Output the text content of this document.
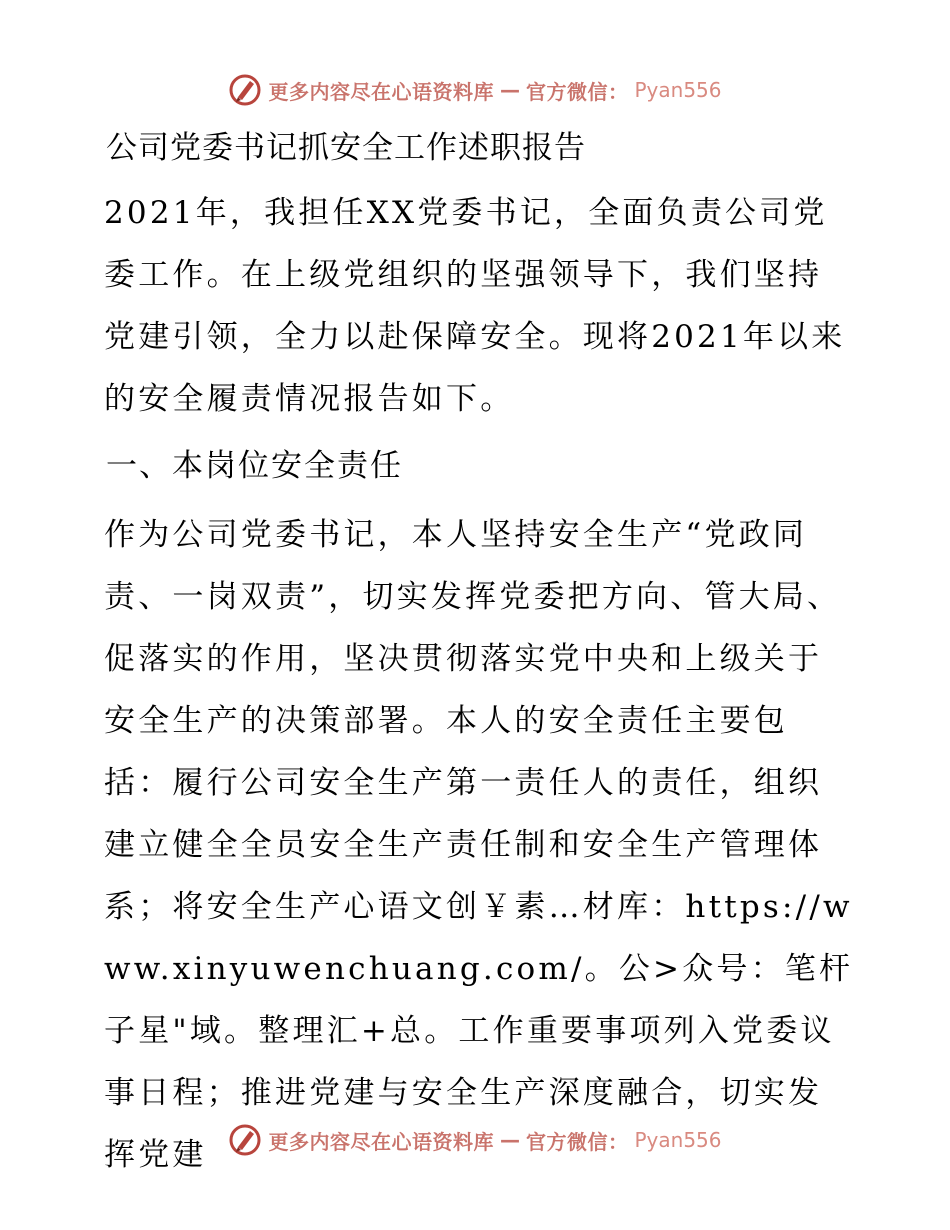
更多内容尽在心语资料库 — 官方微信： Pyan556
公司党委书记抓安全工作述职报告

2021年，我担任XX党委书记，全面负责公司党委工作。在上级党组织的坚强领导下，我们坚持党建引领，全力以赴保障安全。现将2021年以来的安全履责情况报告如下。

一、本岗位安全责任

作为公司党委书记，本人坚持安全生产“党政同责、一岗双责”，切实发挥党委把方向、管大局、促落实的作用，坚决贯彻落实党中央和上级关于安全生产的决策部署。本人的安全责任主要包括：履行公司安全生产第一责任人的责任，组织建立健全全员安全生产责任制和安全生产管理体系；将安全生产心语文创￥素…材库：https://www.xinyuwenchuang.com/。公>众号：笔杆子星"域。整理汇+总。工作重要事项列入党委议事日程；推进党建与安全生产深度融合，切实发挥党建	更多内容尽在心语资料库 — 官方微信： Pyan556
